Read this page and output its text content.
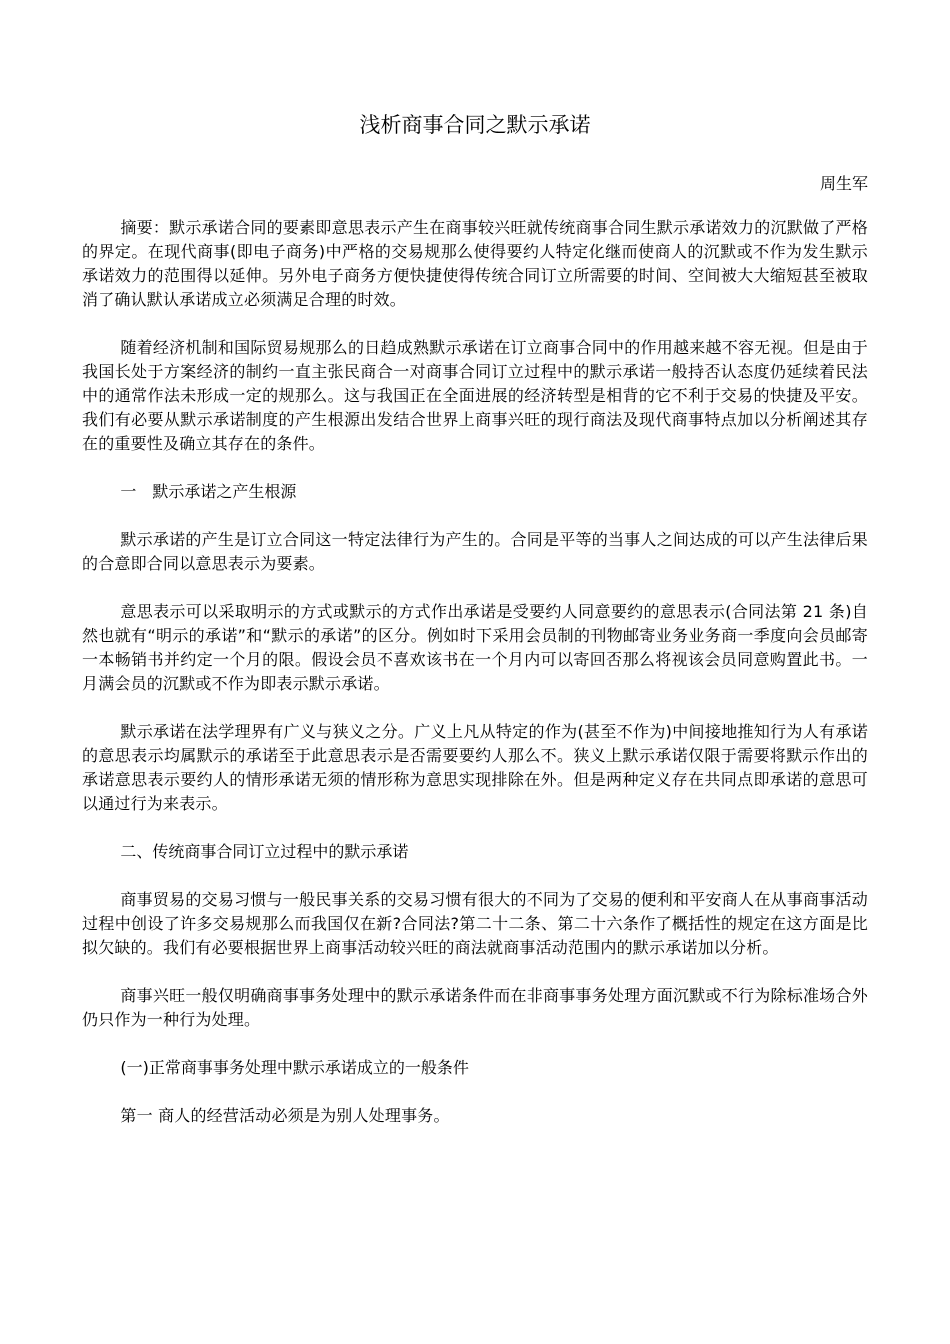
浅析商事合同之默示承诺

周生军

摘要：默示承诺合同的要素即意思表示产生在商事较兴旺就传统商事合同生默示承诺效力的沉默做了严格的界定。在现代商事(即电子商务)中严格的交易规那么使得要约人特定化继而使商人的沉默或不作为发生默示承诺效力的范围得以延伸。另外电子商务方便快捷使得传统合同订立所需要的时间、空间被大大缩短甚至被取消了确认默认承诺成立必须满足合理的时效。

随着经济机制和国际贸易规那么的日趋成熟默示承诺在订立商事合同中的作用越来越不容无视。但是由于我国长处于方案经济的制约一直主张民商合一对商事合同订立过程中的默示承诺一般持否认态度仍延续着民法中的通常作法未形成一定的规那么。这与我国正在全面进展的经济转型是相背的它不利于交易的快捷及平安。我们有必要从默示承诺制度的产生根源出发结合世界上商事兴旺的现行商法及现代商事特点加以分析阐述其存在的重要性及确立其存在的条件。

一　默示承诺之产生根源

默示承诺的产生是订立合同这一特定法律行为产生的。合同是平等的当事人之间达成的可以产生法律后果的合意即合同以意思表示为要素。

意思表示可以采取明示的方式或默示的方式作出承诺是受要约人同意要约的意思表示(合同法第 21 条)自然也就有“明示的承诺”和“默示的承诺”的区分。例如时下采用会员制的刊物邮寄业务业务商一季度向会员邮寄一本畅销书并约定一个月的限。假设会员不喜欢该书在一个月内可以寄回否那么将视该会员同意购置此书。一月满会员的沉默或不作为即表示默示承诺。

默示承诺在法学理界有广义与狭义之分。广义上凡从特定的作为(甚至不作为)中间接地推知行为人有承诺的意思表示均属默示的承诺至于此意思表示是否需要要约人那么不。狭义上默示承诺仅限于需要将默示作出的承诺意思表示要约人的情形承诺无须的情形称为意思实现排除在外。但是两种定义存在共同点即承诺的意思可以通过行为来表示。

二、传统商事合同订立过程中的默示承诺

商事贸易的交易习惯与一般民事关系的交易习惯有很大的不同为了交易的便利和平安商人在从事商事活动过程中创设了许多交易规那么而我国仅在新?合同法?第二十二条、第二十六条作了概括性的规定在这方面是比拟欠缺的。我们有必要根据世界上商事活动较兴旺的商法就商事活动范围内的默示承诺加以分析。

商事兴旺一般仅明确商事事务处理中的默示承诺条件而在非商事事务处理方面沉默或不行为除标准场合外仍只作为一种行为处理。

(一)正常商事事务处理中默示承诺成立的一般条件

第一 商人的经营活动必须是为别人处理事务。
